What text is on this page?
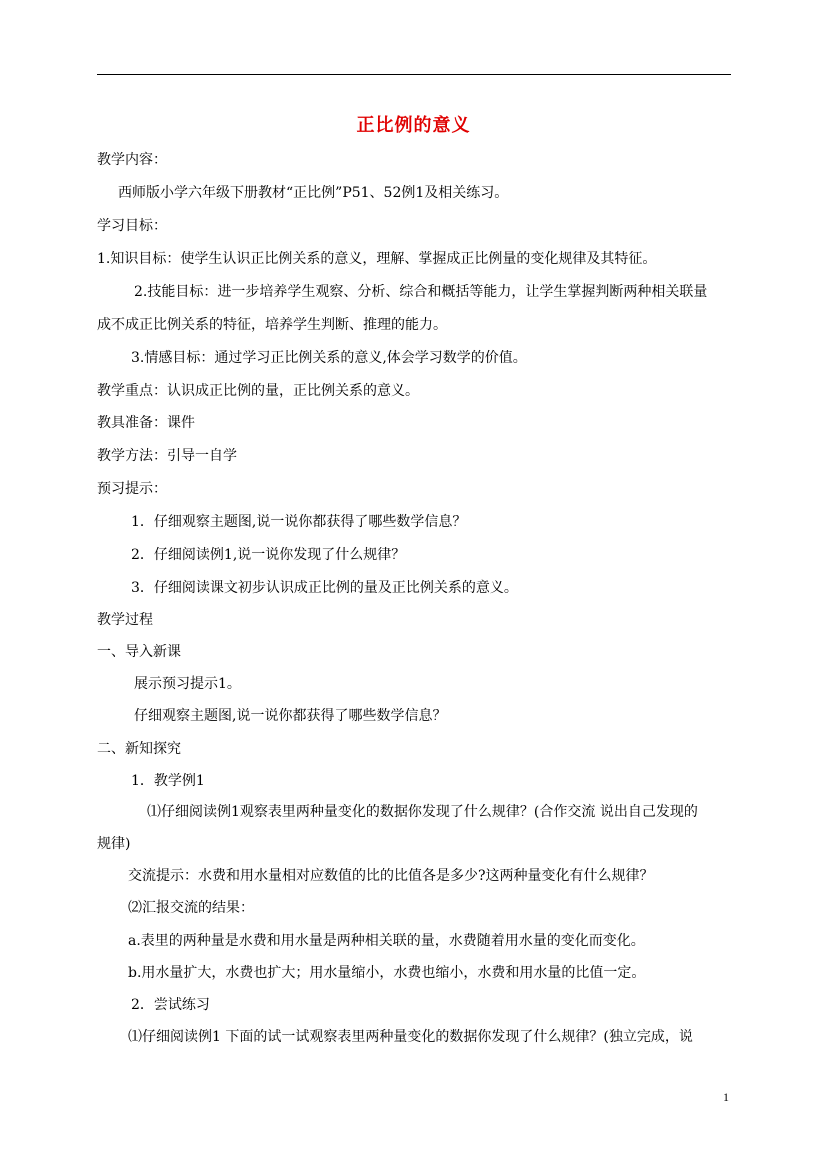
正比例的意义
教学内容：
西师版小学六年级下册教材“正比例”P51、52例1及相关练习。
学习目标：
1.知识目标：使学生认识正比例关系的意义，理解、掌握成正比例量的变化规律及其特征。
2.技能目标：进一步培养学生观察、分析、综合和概括等能力，让学生掌握判断两种相关联量
成不成正比例关系的特征，培养学生判断、推理的能力。
3.情感目标：通过学习正比例关系的意义,体会学习数学的价值。
教学重点：认识成正比例的量，正比例关系的意义。
教具准备：课件
教学方法：引导一自学
预习提示：
1．仔细观察主题图,说一说你都获得了哪些数学信息？
2．仔细阅读例1,说一说你发现了什么规律？
3．仔细阅读课文初步认识成正比例的量及正比例关系的意义。
教学过程
一、导入新课
展示预习提示1。
仔细观察主题图,说一说你都获得了哪些数学信息？
二、新知探究
1．教学例1
⑴仔细阅读例1观察表里两种量变化的数据你发现了什么规律？(合作交流 说出自己发现的
规律)
交流提示：水费和用水量相对应数值的比的比值各是多少?这两种量变化有什么规律？
⑵汇报交流的结果：
a.表里的两种量是水费和用水量是两种相关联的量，水费随着用水量的变化而变化。
b.用水量扩大，水费也扩大；用水量缩小，水费也缩小，水费和用水量的比值一定。
2．尝试练习
⑴仔细阅读例1 下面的试一试观察表里两种量变化的数据你发现了什么规律？(独立完成，说
1
